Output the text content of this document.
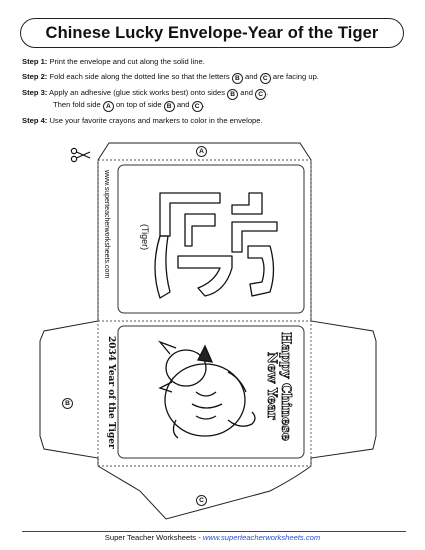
Chinese Lucky Envelope-Year of the Tiger
Step 1: Print the envelope and cut along the solid line.
Step 2: Fold each side along the dotted line so that the letters B and C are facing up.
Step 3: Apply an adhesive (glue stick works best) onto sides B and C .
Then fold side A on top of side B and C .
Step 4: Use your favorite crayons and markers to color in the envelope.
A
B
C
www.superteacherworksheets.com	(Tiger)
2034 Year of the Tiger	Happy Chinese
New Year
Super Teacher Worksheets - www.superteacherworksheets.com
